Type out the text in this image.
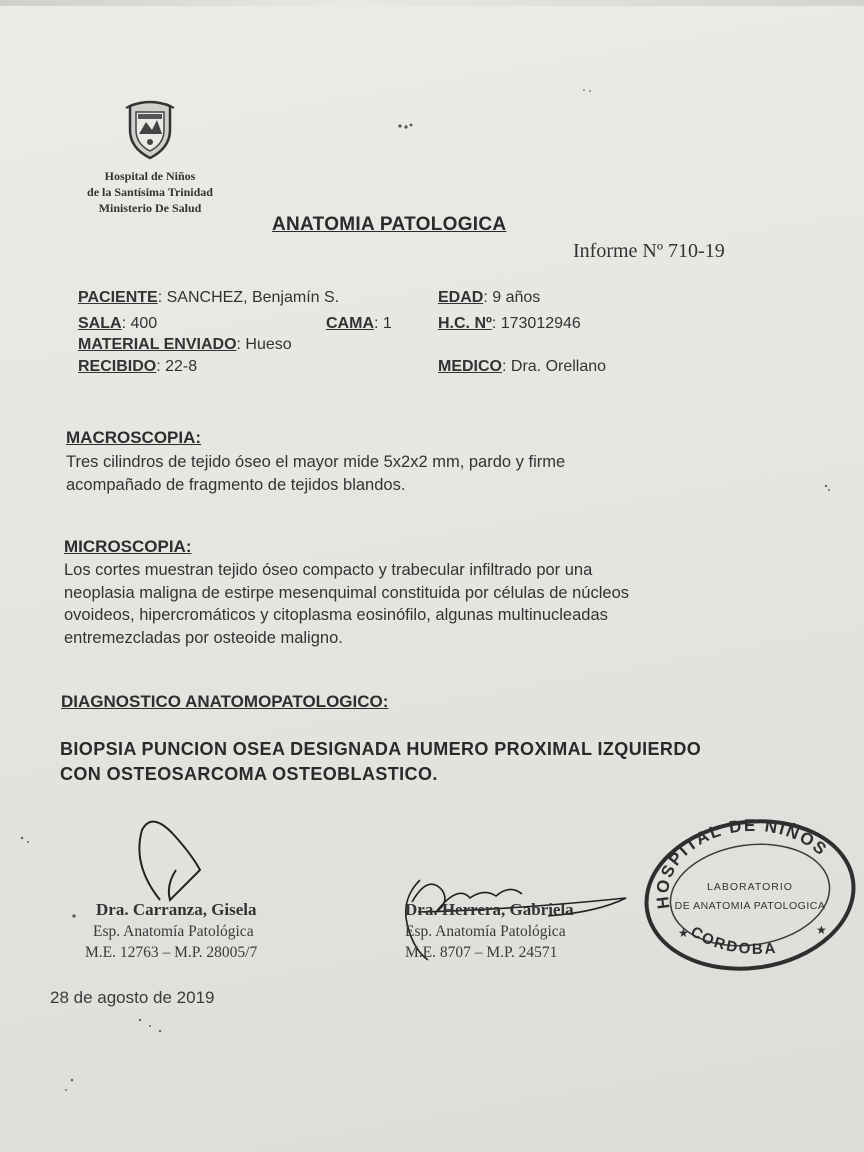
Hospital de Niños
de la Santísima Trinidad
Ministerio De Salud
ANATOMIA PATOLOGICA
Informe Nº 710-19
PACIENTE: SANCHEZ, Benjamín S.	EDAD: 9 años
SALA: 400	CAMA: 1	H.C. Nº: 173012946
MATERIAL ENVIADO: Hueso
RECIBIDO: 22-8	MEDICO: Dra. Orellano
MACROSCOPIA:
Tres cilindros de tejido óseo el mayor mide 5x2x2 mm, pardo y firme
acompañado de fragmento de tejidos blandos.
MICROSCOPIA:
Los cortes muestran tejido óseo compacto y trabecular infiltrado por una
neoplasia maligna de estirpe mesenquimal constituida por células de núcleos
ovoideos, hipercromáticos y citoplasma eosinófilo, algunas multinucleadas
entremezcladas por osteoide maligno.
DIAGNOSTICO ANATOMOPATOLOGICO:
BIOPSIA PUNCION OSEA DESIGNADA HUMERO PROXIMAL IZQUIERDO
CON OSTEOSARCOMA OSTEOBLASTICO.
Dra. Carranza, Gisela
Esp. Anatomía Patológica
M.E. 12763 – M.P. 28005/7
Dra. Herrera, Gabriela
Esp. Anatomía Patológica
M.E. 8707 – M.P. 24571
HOSPITAL DE NIÑOS
CORDOBA
LABORATORIO
DE ANATOMIA PATOLOGICA
★	★
28 de agosto de 2019
